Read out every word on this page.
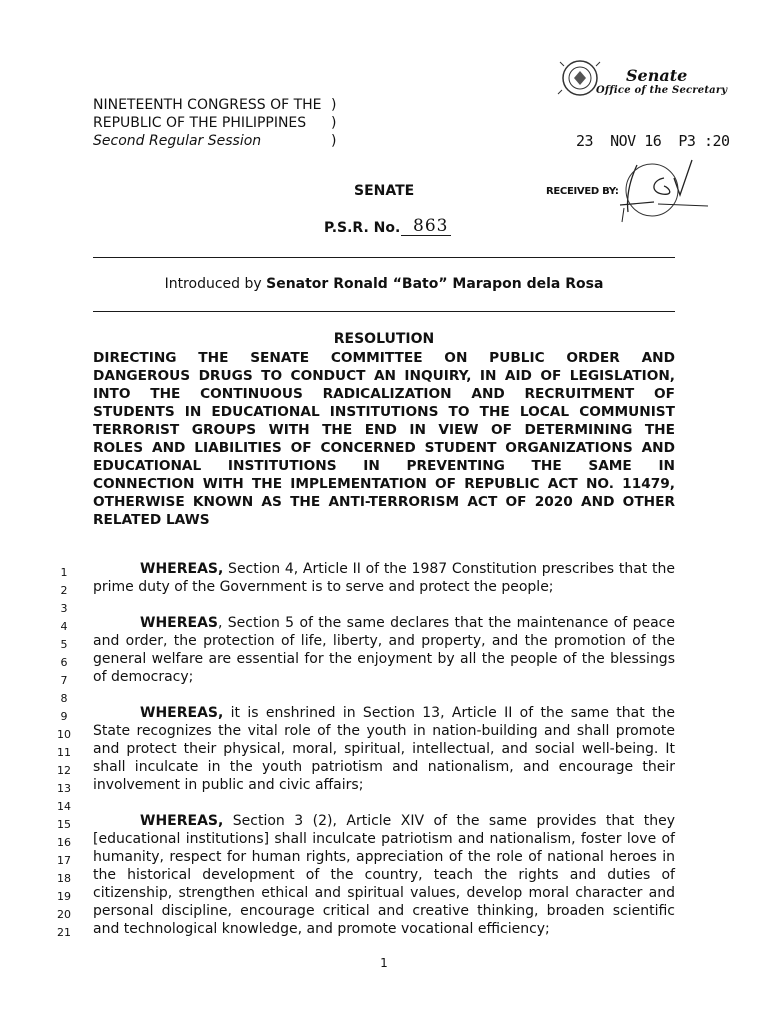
NINETEENTH CONGRESS OF THE )
REPUBLIC OF THE PHILIPPINES )
Second Regular Session	)
Senate
Office of the Secretary
23  NOV 16  P3 :20
SENATE	RECEIVED BY:
P.S.R. No. 863
Introduced by Senator Ronald “Bato” Marapon dela Rosa
RESOLUTION
DIRECTING THE SENATE COMMITTEE ON PUBLIC ORDER AND
DANGEROUS DRUGS TO CONDUCT AN INQUIRY, IN AID OF LEGISLATION,
INTO THE CONTINUOUS RADICALIZATION AND RECRUITMENT OF
STUDENTS IN EDUCATIONAL INSTITUTIONS TO THE LOCAL COMMUNIST
TERRORIST GROUPS WITH THE END IN VIEW OF DETERMINING THE
ROLES AND LIABILITIES OF CONCERNED STUDENT ORGANIZATIONS AND
EDUCATIONAL INSTITUTIONS IN PREVENTING THE SAME IN
CONNECTION WITH THE IMPLEMENTATION OF REPUBLIC ACT NO. 11479,
OTHERWISE KNOWN AS THE ANTI-TERRORISM ACT OF 2020 AND OTHER
RELATED LAWS
1
2
3
4
5
6
7
8
9
10
11
12
13
14
15
16
17
18
19
20
21
WHEREAS, Section 4, Article II of the 1987 Constitution prescribes that the prime duty of the Government is to serve and protect the people;
WHEREAS, Section 5 of the same declares that the maintenance of peace and order, the protection of life, liberty, and property, and the promotion of the general welfare are essential for the enjoyment by all the people of the blessings of democracy;
WHEREAS, it is enshrined in Section 13, Article II of the same that the State recognizes the vital role of the youth in nation-building and shall promote and protect their physical, moral, spiritual, intellectual, and social well-being. It shall inculcate in the youth patriotism and nationalism, and encourage their involvement in public and civic affairs;
WHEREAS, Section 3 (2), Article XIV of the same provides that they [educational institutions] shall inculcate patriotism and nationalism, foster love of humanity, respect for human rights, appreciation of the role of national heroes in the historical development of the country, teach the rights and duties of citizenship, strengthen ethical and spiritual values, develop moral character and personal discipline, encourage critical and creative thinking, broaden scientific and technological knowledge, and promote vocational efficiency;
1
